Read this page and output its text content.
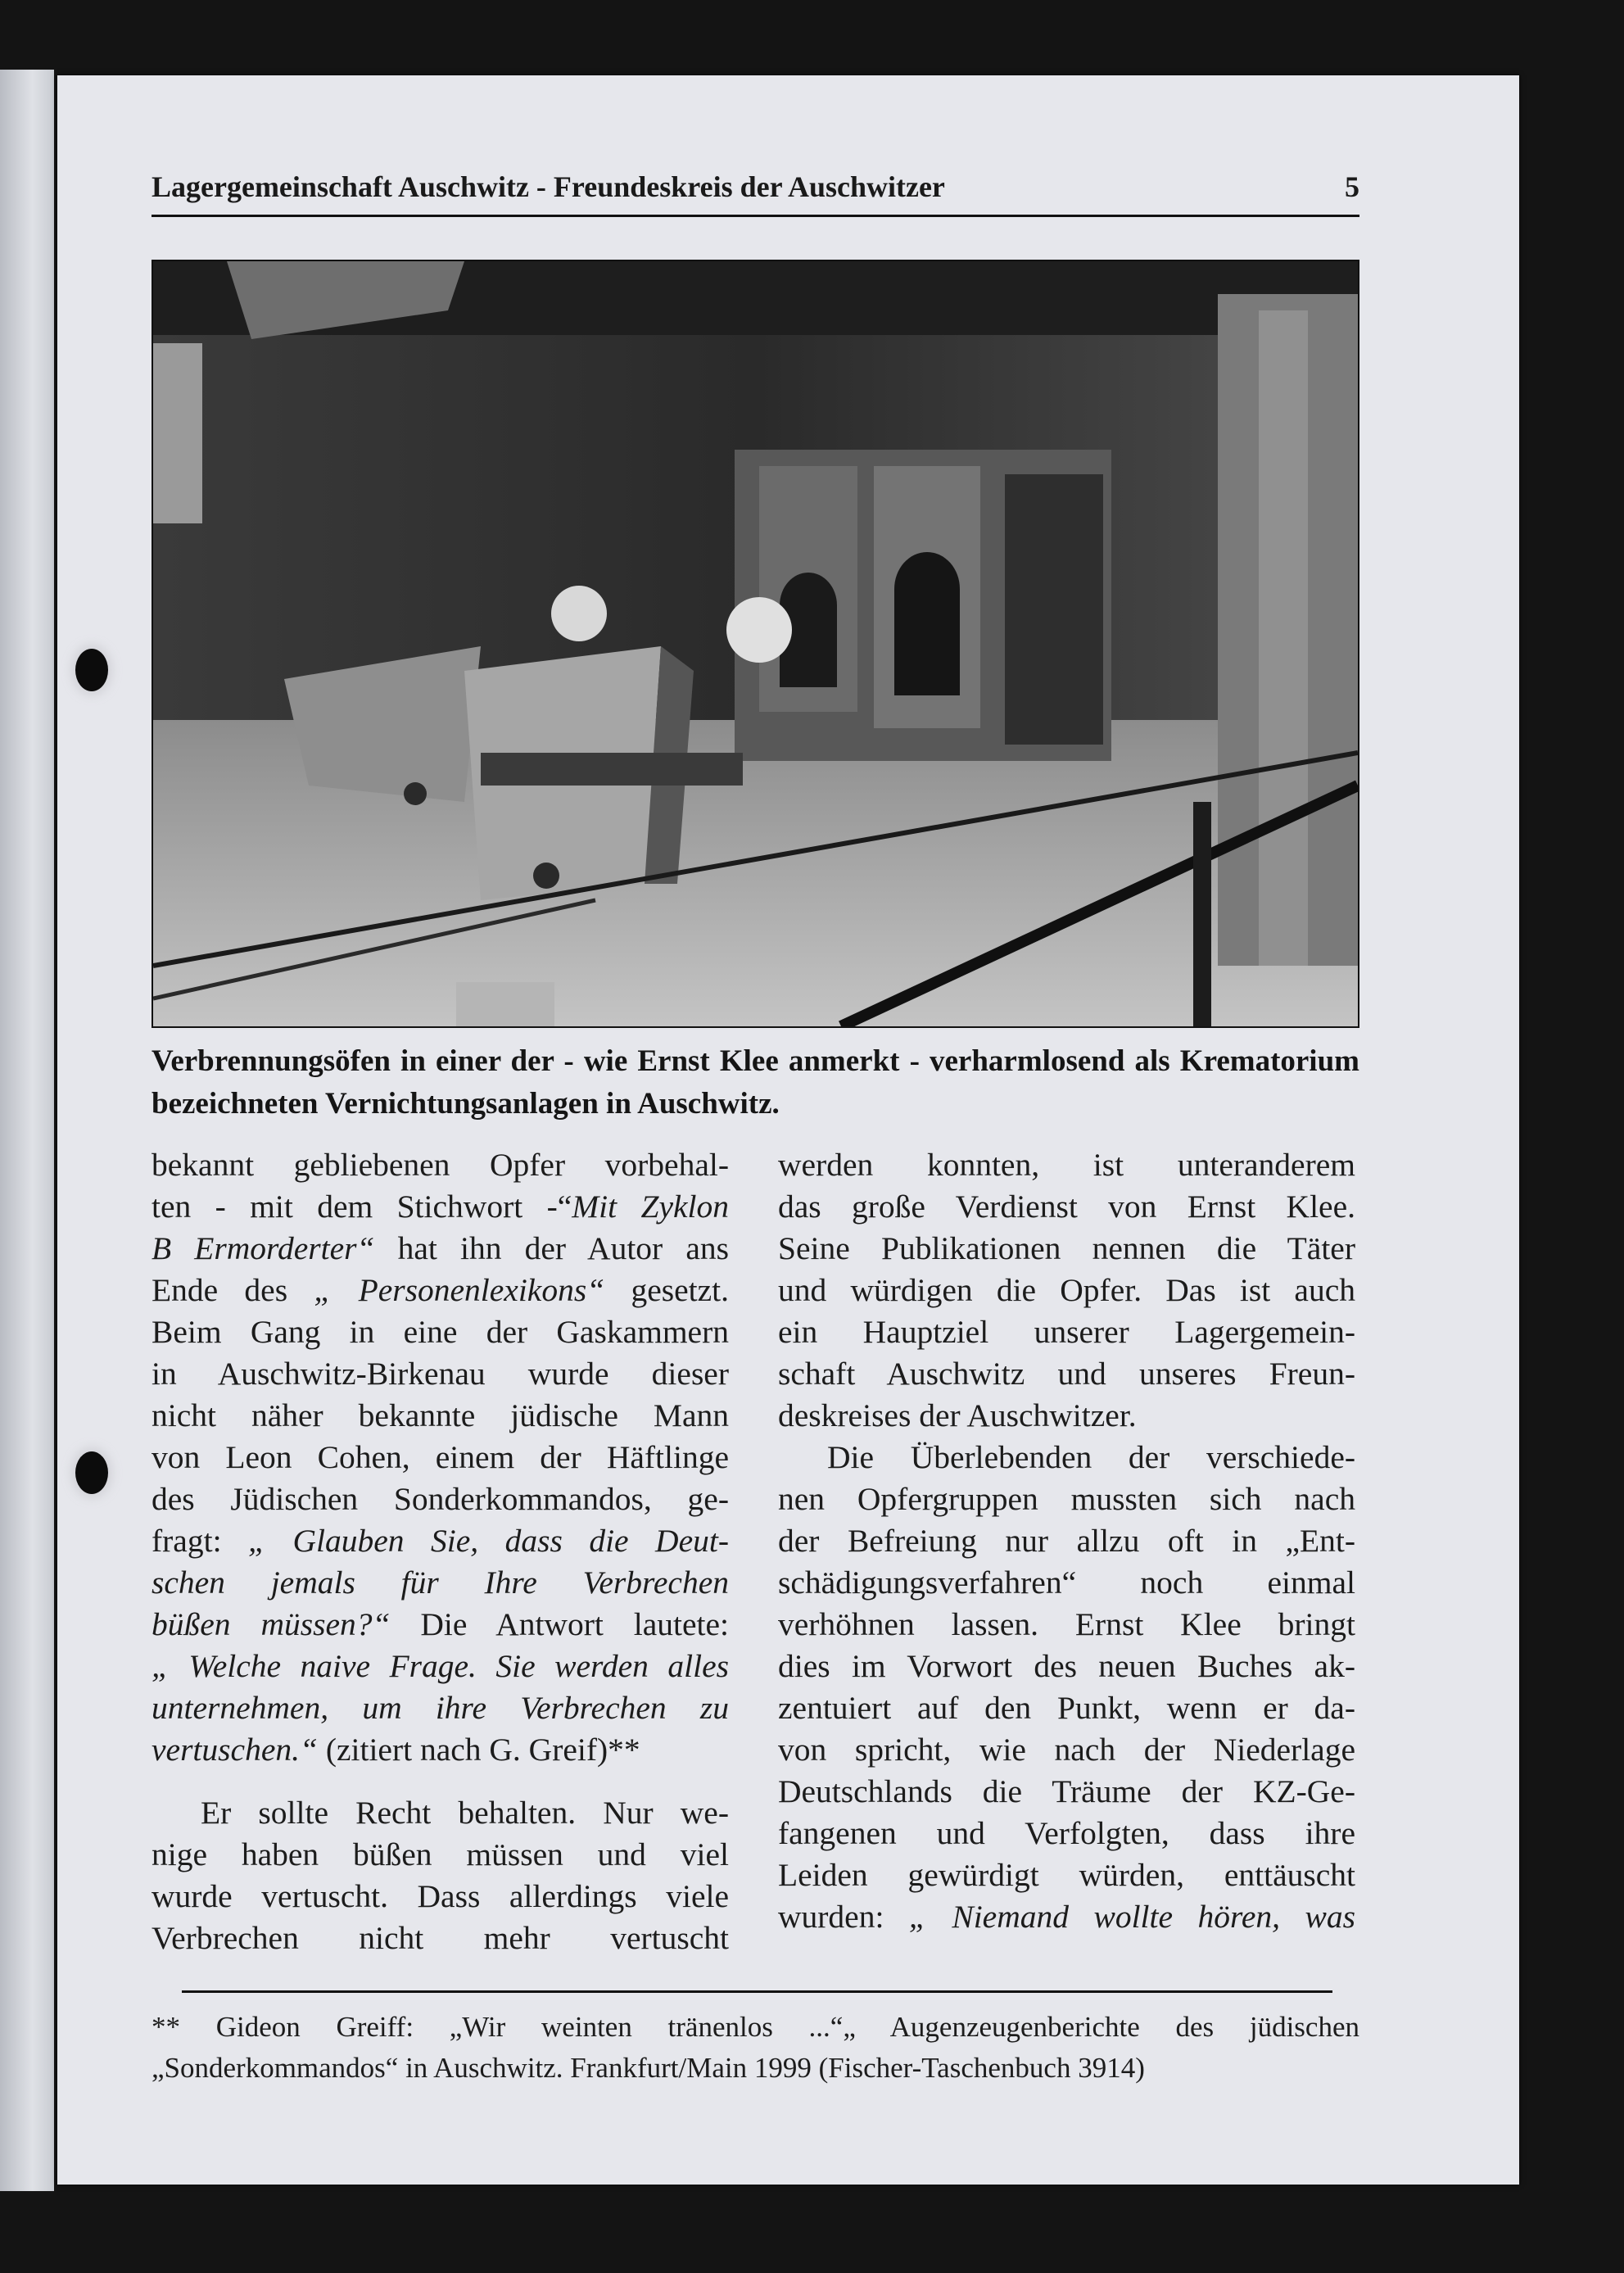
Lagergemeinschaft Auschwitz - Freundeskreis der Auschwitzer	5
Verbrennungsöfen in einer der - wie Ernst Klee anmerkt - verharmlosend als Krematorium bezeichneten Vernichtungsanlagen in Auschwitz.

bekannt gebliebenen Opfer vorbehal-

ten - mit dem Stichwort -“Mit Zyklon

B Ermorderter“ hat ihn der Autor ans

Ende des „ Personenlexikons“ gesetzt.

Beim Gang in eine der Gaskammern

in Auschwitz-Birkenau wurde dieser

nicht näher bekannte jüdische Mann

von Leon Cohen, einem der Häftlinge

des Jüdischen Sonderkommandos, ge-

fragt: „ Glauben Sie, dass die Deut-

schen jemals für Ihre Verbrechen

büßen müssen?“ Die Antwort lautete:

„ Welche naive Frage. Sie werden alles

unternehmen, um ihre Verbrechen zu

vertuschen.“ (zitiert nach G. Greif)**

Er sollte Recht behalten. Nur we-

nige haben büßen müssen und viel

wurde vertuscht. Dass allerdings viele

Verbrechen nicht mehr vertuscht

werden konnten, ist unteranderem

das große Verdienst von Ernst Klee.

Seine Publikationen nennen die Täter

und würdigen die Opfer. Das ist auch

ein Hauptziel unserer Lagergemein-

schaft Auschwitz und unseres Freun-

deskreises der Auschwitzer.

Die Überlebenden der verschiede-

nen Opfergruppen mussten sich nach

der Befreiung nur allzu oft in „Ent-

schädigungsverfahren“ noch einmal

verhöhnen lassen. Ernst Klee bringt

dies im Vorwort des neuen Buches ak-

zentuiert auf den Punkt, wenn er da-

von spricht, wie nach der Niederlage

Deutschlands die Träume der KZ-Ge-

fangenen und Verfolgten, dass ihre

Leiden gewürdigt würden, enttäuscht

wurden: „ Niemand wollte hören, was

** Gideon Greiff: „Wir weinten tränenlos ...“„ Augenzeugenberichte des jüdischen
„Sonderkommandos“ in Auschwitz. Frankfurt/Main 1999 (Fischer-Taschenbuch 3914)
